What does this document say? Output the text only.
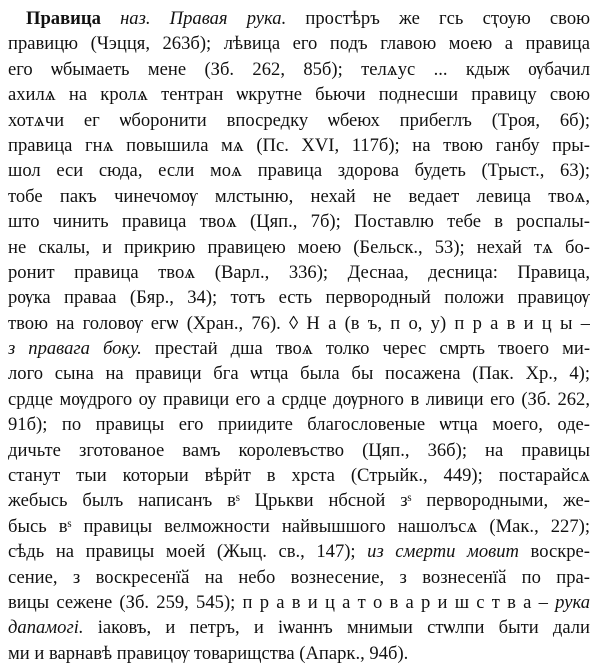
Правица наз. Правая рука. простѣръ же гсь сҭоую свою
правицю (Чэцця, 263б); лѣвица его подъ главою моею а правица
его ѡбымаеть мене (Зб. 262, 85б); телѧус ... кдыж ѹбачил
ахилѧ на кролѧ тентран ѡкрутне бьючи поднесши правицу свою
хотѧчи ег ѡборонити впосредку ѡбеюх прибеглъ (Троя, 6б);
правица гнѧ повышила мѧ (Пс. XVI, 117б); на твою ганбу пры-
шол еси сюда, если моѧ правица здорова будеть (Трыст., 63);
тобе пакъ чинечомѹ млстыню, нехай не ведает левица твоѧ,
што чинить правица твоѧ (Цяп., 7б); Поставлю тебе в роспалы-
не скалы, и прикрию правицею моею (Бельск., 53); нехай тѧ бо-
ронит правица твоѧ (Варл., 336); Деснаа, десница: Правица,
рѹка праваа (Бяр., 34); тотъ есть первородный положи правицѹ
твою на головѹ егѡ (Хран., 76). ◊ Н а (в ъ, п о, у) п р а в и ц ы –
з правага боку. престаӥ дша твоѧ толко черес смрть твоего ми-
лого сына на правици бга ѡтца была бы посажена (Пак. Хр., 4);
срдце мѹдрого оу правици его а срдце дѹрного в ливици его (Зб. 262,
91б); по правицы его приидите благословеные ѡтца моего, оде-
дичьте зготованое вамъ королевъство (Цяп., 36б); на правицы
станут тыи которыи вѣрӥт в хрста (Стрыйк., 449); постарайсѧ
жебысь былъ написанъ вˢ Црькви нбсной зˢ первородными, же-
бысь вˢ правицы велможности найвышшого нашолъсѧ (Мак., 227);
сѣдь на правицы моей (Жыц. св., 147); из смерти мовит воскре-
сение, з воскресенїӑ на небо вознесение, з вознесенїӑ по пра-
вицы сежене (Зб. 259, 545); п р а в и ц а т о в а р и ш с т в а – рука
дапамогі. іаковъ, и петръ, и іѡаннъ мнимыи стѡлпи быти дали
ми и варнавѣ правицѹ товарищства (Апарк., 94б).
